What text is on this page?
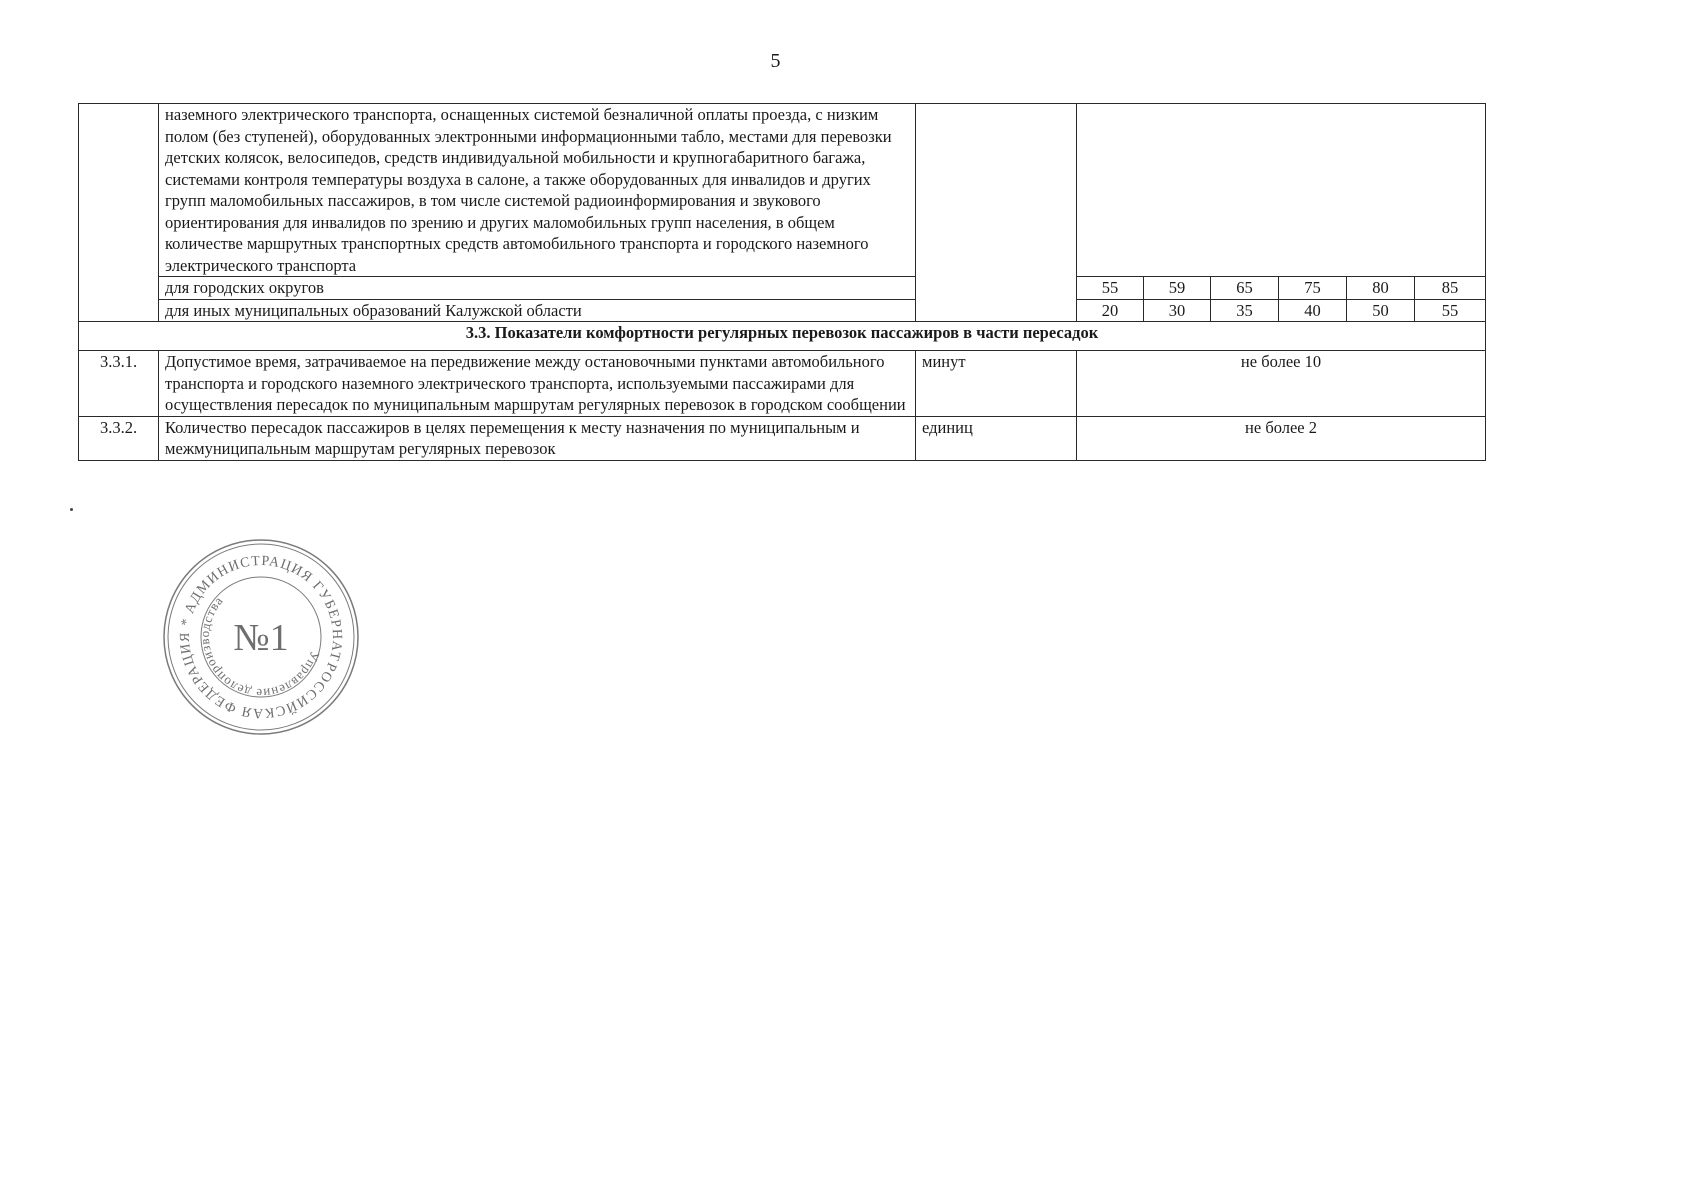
5
	наземного электрического транспорта, оснащенных системой безналичной оплаты проезда, с низким полом (без ступеней), оборудованных электронными информационными табло, местами для перевозки детских колясок, велосипедов, средств индивидуальной мобильности и крупногабаритного багажа, системами контроля температуры воздуха в салоне, а также оборудованных для инвалидов и других групп маломобильных пассажиров, в том числе системой радиоинформирования и звукового ориентирования для инвалидов по зрению и других маломобильных групп населения, в общем количестве маршрутных транспортных средств автомобильного транспорта и городского наземного электрического транспорта							
	для городских округов		55	59	65	75	80	85
	для иных муниципальных образований Калужской области		20	30	35	40	50	55
3.3. Показатели комфортности регулярных перевозок пассажиров в части пересадок								
3.3.1.	Допустимое время, затрачиваемое на передвижение между остановочными пунктами автомобильного транспорта и городского наземного электрического транспорта, используемыми пассажирами для осуществления пересадок по муниципальным маршрутам регулярных перевозок в городском сообщении	минут	не более 10					
3.3.2.	Количество пересадок пассажиров в целях перемещения к месту назначения по муниципальным и межмуниципальным маршрутам регулярных перевозок	единиц	не более 2					
РОССИЙСКАЯ ФЕДЕРАЦИЯ * АДМИНИСТРАЦИЯ ГУБЕРНАТОРА
Управление делопроизводства
№1
